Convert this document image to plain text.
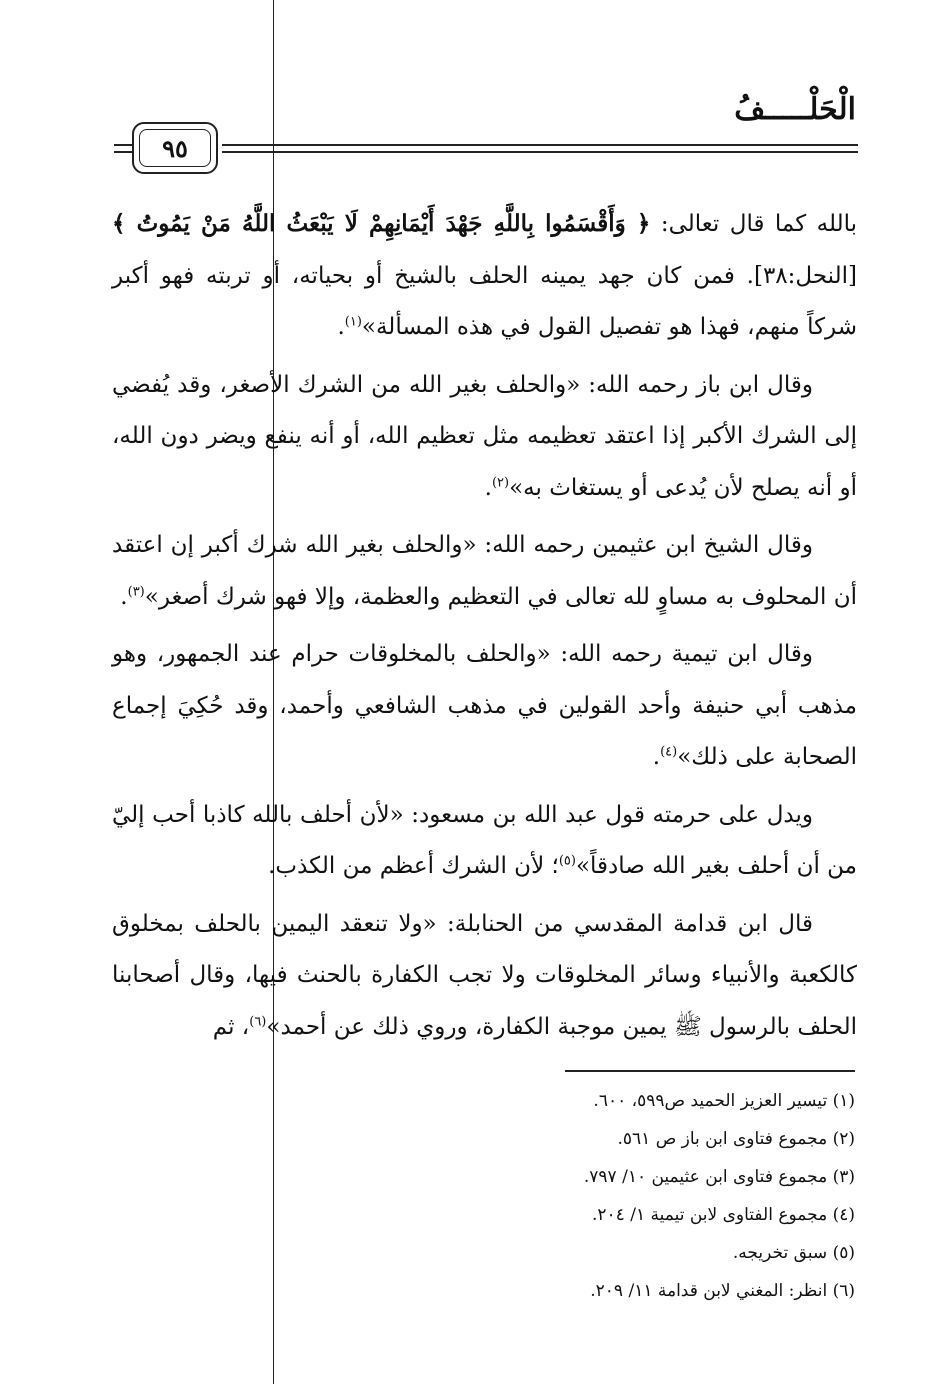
الْحَلْـــــفُ
٩٥

بالله كما قال تعالى: ﴿ وَأَقْسَمُوا بِاللَّهِ جَهْدَ أَيْمَانِهِمْ لَا يَبْعَثُ اللَّهُ مَنْ يَمُوتُ ﴾ [النحل:٣٨]. فمن كان جهد يمينه الحلف بالشيخ أو بحياته، أو تربته فهو أكبر شركاً منهم، فهذا هو تفصيل القول في هذه المسألة»$^{(١)}$.

وقال ابن باز رحمه الله: «والحلف بغير الله من الشرك الأصغر، وقد يُفضي إلى الشرك الأكبر إذا اعتقد تعظيمه مثل تعظيم الله، أو أنه ينفع ويضر دون الله، أو أنه يصلح لأن يُدعى أو يستغاث به»$^{(٢)}$.

وقال الشيخ ابن عثيمين رحمه الله: «والحلف بغير الله شرك أكبر إن اعتقد أن المحلوف به مساوٍ لله تعالى في التعظيم والعظمة، وإلا فهو شرك أصغر»$^{(٣)}$.

وقال ابن تيمية رحمه الله: «والحلف بالمخلوقات حرام عند الجمهور، وهو مذهب أبي حنيفة وأحد القولين في مذهب الشافعي وأحمد، وقد حُكِيَ إجماع الصحابة على ذلك»$^{(٤)}$.

ويدل على حرمته قول عبد الله بن مسعود: «لأن أحلف بالله كاذبا أحب إليّ من أن أحلف بغير الله صادقاً»$^{(٥)}$؛ لأن الشرك أعظم من الكذب.

قال ابن قدامة المقدسي من الحنابلة: «ولا تنعقد اليمين بالحلف بمخلوق كالكعبة والأنبياء وسائر المخلوقات ولا تجب الكفارة بالحنث فيها، وقال أصحابنا الحلف بالرسول ﷺ يمين موجبة الكفارة، وروي ذلك عن أحمد»$^{(٦)}$، ثم

(١) تيسير العزيز الحميد ص٥٩٩، ٦٠٠.
(٢) مجموع فتاوى ابن باز ص ٥٦١.
(٣) مجموع فتاوى ابن عثيمين ١٠/ ٧٩٧.
(٤) مجموع الفتاوى لابن تيمية ١/ ٢٠٤.
(٥) سبق تخريجه.
(٦) انظر: المغني لابن قدامة ١١/ ٢٠٩.
